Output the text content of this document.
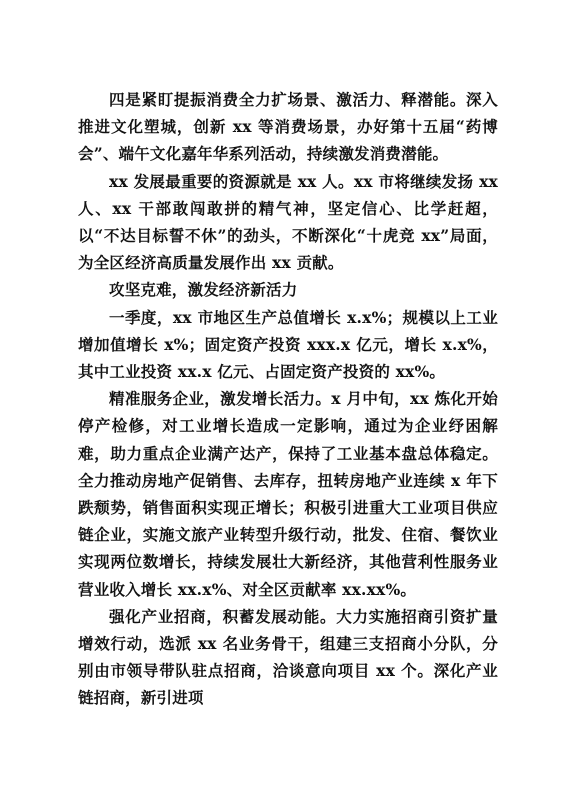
四是紧盯提振消费全力扩场景、激活力、释潜能。深入推进文化塑城，创新 xx 等消费场景，办好第十五届“药博会”、端午文化嘉年华系列活动，持续激发消费潜能。

xx 发展最重要的资源就是 xx 人。xx 市将继续发扬 xx 人、xx 干部敢闯敢拼的精气神，坚定信心、比学赶超，以“不达目标誓不休”的劲头，不断深化“十虎竞 xx”局面，为全区经济高质量发展作出 xx 贡献。

攻坚克难，激发经济新活力

一季度，xx 市地区生产总值增长 x.x%；规模以上工业增加值增长 x%；固定资产投资 xxx.x 亿元，增长 x.x%，其中工业投资 xx.x 亿元、占固定资产投资的 xx%。

精准服务企业，激发增长活力。x 月中旬，xx 炼化开始停产检修，对工业增长造成一定影响，通过为企业纾困解难，助力重点企业满产达产，保持了工业基本盘总体稳定。全力推动房地产促销售、去库存，扭转房地产业连续 x 年下跌颓势，销售面积实现正增长；积极引进重大工业项目供应链企业，实施文旅产业转型升级行动，批发、住宿、餐饮业实现两位数增长，持续发展壮大新经济，其他营利性服务业营业收入增长 xx.x%、对全区贡献率 xx.xx%。

强化产业招商，积蓄发展动能。大力实施招商引资扩量增效行动，选派 xx 名业务骨干，组建三支招商小分队，分别由市领导带队驻点招商，洽谈意向项目 xx 个。深化产业链招商，新引进项
